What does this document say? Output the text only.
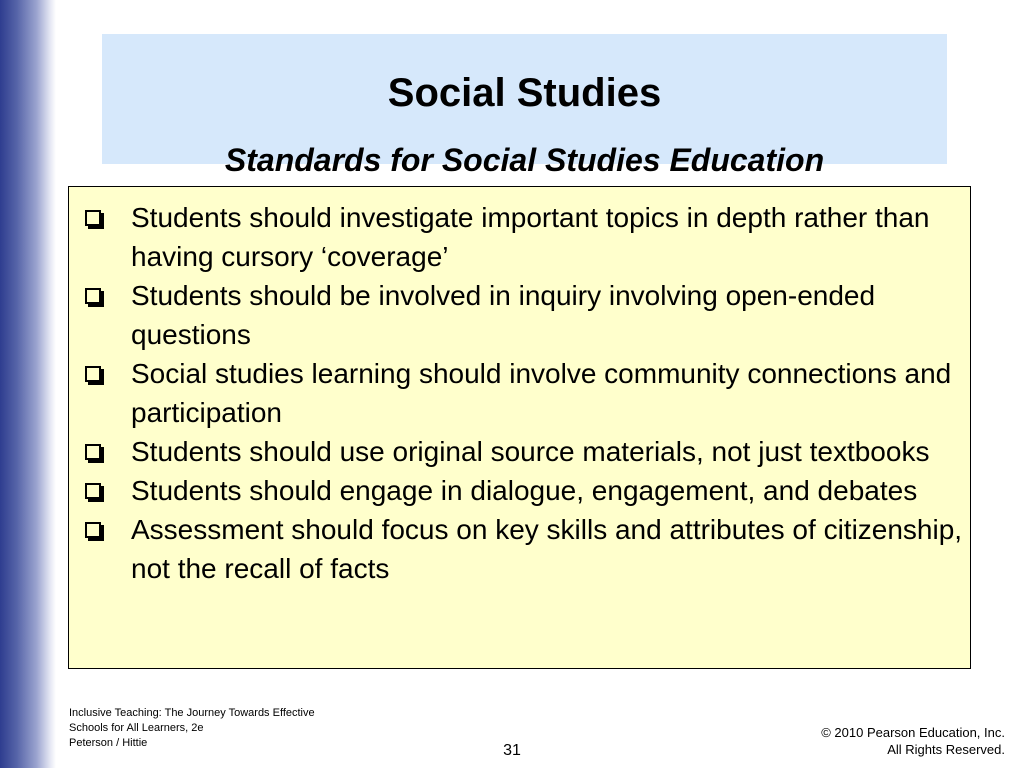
Social Studies
Standards for Social Studies Education
Students should investigate important topics in depth rather than having cursory ‘coverage’
Students should be involved in inquiry involving open-ended questions
Social studies learning should involve community connections and participation
Students should use original source materials, not just textbooks
Students should engage in dialogue, engagement, and debates
Assessment should focus on key skills and attributes of citizenship, not the recall of facts
Inclusive Teaching: The Journey Towards Effective
Schools for All Learners, 2e
Peterson / Hittie	31
© 2010 Pearson Education, Inc.
All Rights Reserved.
